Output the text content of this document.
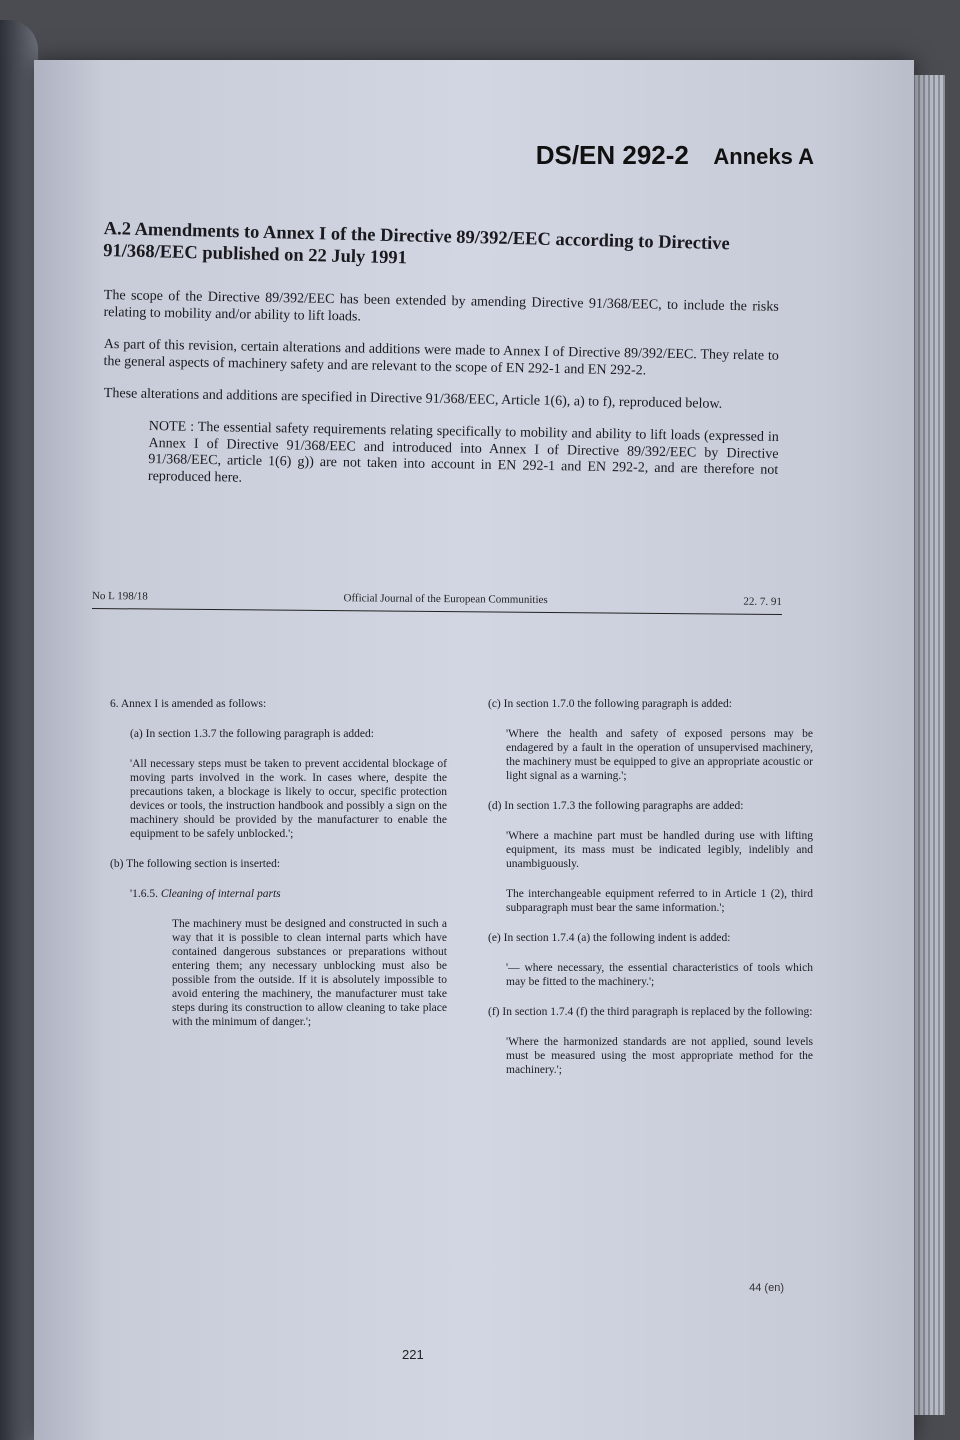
DS/EN 292-2 Anneks A
A.2 Amendments to Annex I of the Directive 89/392/EEC according to Directive 91/368/EEC published on 22 July 1991

The scope of the Directive 89/392/EEC has been extended by amending Directive 91/368/EEC, to include the risks relating to mobility and/or ability to lift loads.

As part of this revision, certain alterations and additions were made to Annex I of Directive 89/392/EEC. They relate to the general aspects of machinery safety and are relevant to the scope of EN 292-1 and EN 292-2.

These alterations and additions are specified in Directive 91/368/EEC, Article 1(6), a) to f), reproduced below.

NOTE : The essential safety requirements relating specifically to mobility and ability to lift loads (expressed in Annex I of Directive 91/368/EEC and introduced into Annex I of Directive 89/392/EEC by Directive 91/368/EEC, article 1(6) g)) are not taken into account in EN 292-1 and EN 292-2, and are therefore not reproduced here.

No L 198/18	Official Journal of the European Communities	22. 7. 91

6. Annex I is amended as follows:

(a) In section 1.3.7 the following paragraph is added:

'All necessary steps must be taken to prevent accidental blockage of moving parts involved in the work. In cases where, despite the precautions taken, a blockage is likely to occur, specific protection devices or tools, the instruction handbook and possibly a sign on the machinery should be provided by the manufacturer to enable the equipment to be safely unblocked.';

(b) The following section is inserted:

'1.6.5. Cleaning of internal parts

The machinery must be designed and constructed in such a way that it is possible to clean internal parts which have contained dangerous substances or preparations without entering them; any necessary unblocking must also be possible from the outside. If it is absolutely impossible to avoid entering the machinery, the manufacturer must take steps during its construction to allow cleaning to take place with the minimum of danger.';

(c) In section 1.7.0 the following paragraph is added:

'Where the health and safety of exposed persons may be endagered by a fault in the operation of unsupervised machinery, the machinery must be equipped to give an appropriate acoustic or light signal as a warning.';

(d) In section 1.7.3 the following paragraphs are added:

'Where a machine part must be handled during use with lifting equipment, its mass must be indicated legibly, indelibly and unambiguously.

The interchangeable equipment referred to in Article 1 (2), third subparagraph must bear the same information.';

(e) In section 1.7.4 (a) the following indent is added:

'— where necessary, the essential characteristics of tools which may be fitted to the machinery.';

(f) In section 1.7.4 (f) the third paragraph is replaced by the following:

'Where the harmonized standards are not applied, sound levels must be measured using the most appropriate method for the machinery.';

44 (en)
221
